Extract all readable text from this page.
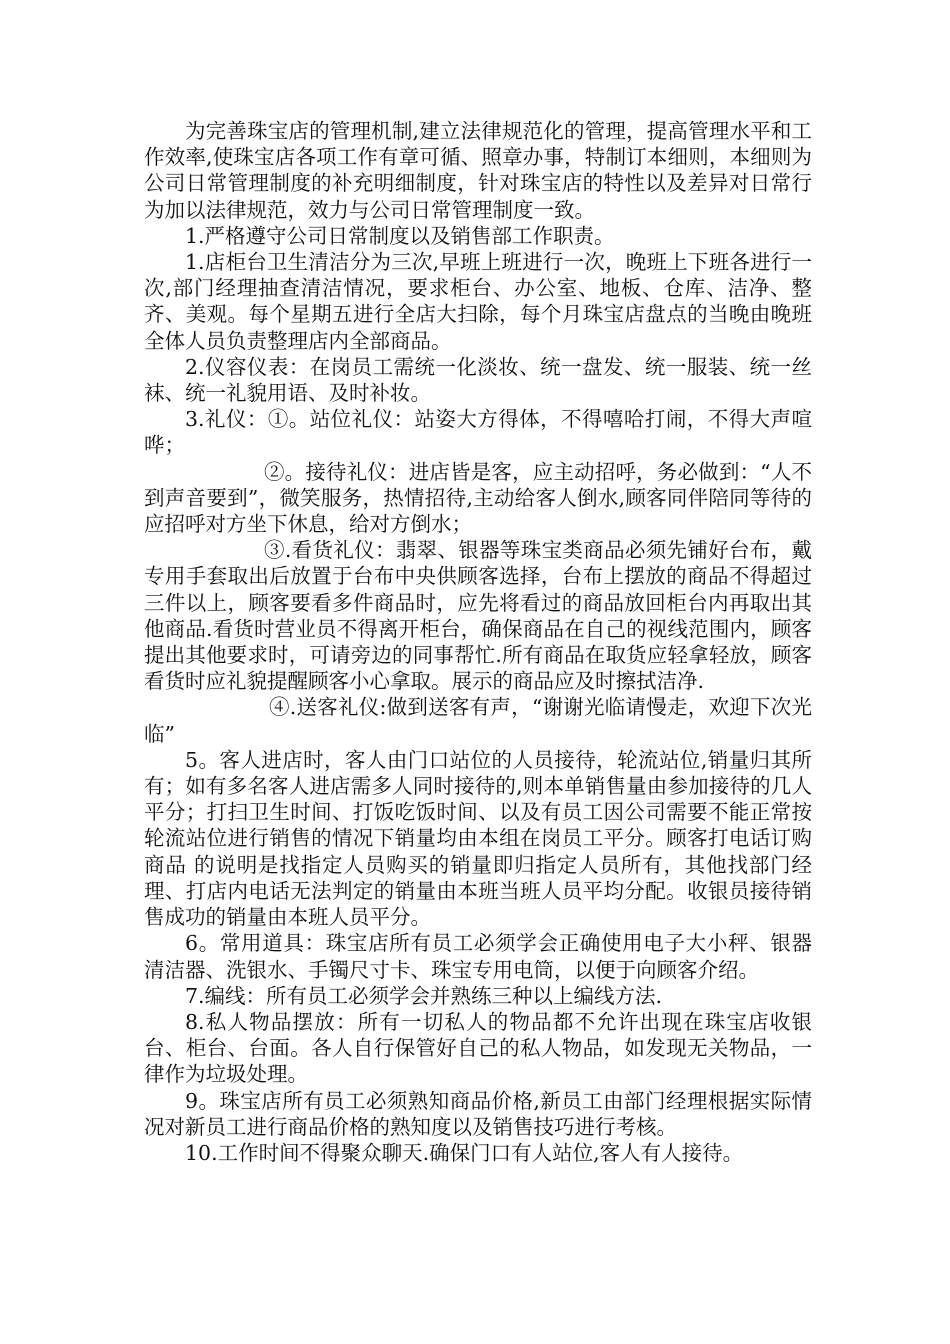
为完善珠宝店的管理机制,建立法律规范化的管理，提高管理水平和工作效率,使珠宝店各项工作有章可循、照章办事，特制订本细则，本细则为公司日常管理制度的补充明细制度，针对珠宝店的特性以及差异对日常行为加以法律规范，效力与公司日常管理制度一致。

1.严格遵守公司日常制度以及销售部工作职责。

1.店柜台卫生清洁分为三次,早班上班进行一次，晚班上下班各进行一次,部门经理抽查清洁情况，要求柜台、办公室、地板、仓库、洁净、整齐、美观。每个星期五进行全店大扫除，每个月珠宝店盘点的当晚由晚班全体人员负责整理店内全部商品。

2.仪容仪表：在岗员工需统一化淡妆、统一盘发、统一服装、统一丝袜、统一礼貌用语、及时补妆。

3.礼仪：①。站位礼仪：站姿大方得体，不得嘻哈打闹，不得大声喧哗；

②。接待礼仪：进店皆是客，应主动招呼，务必做到：“人不到声音要到”，微笑服务，热情招待,主动给客人倒水,顾客同伴陪同等待的应招呼对方坐下休息，给对方倒水；

③.看货礼仪：翡翠、银器等珠宝类商品必须先铺好台布，戴专用手套取出后放置于台布中央供顾客选择，台布上摆放的商品不得超过三件以上，顾客要看多件商品时，应先将看过的商品放回柜台内再取出其他商品.看货时营业员不得离开柜台，确保商品在自己的视线范围内，顾客提出其他要求时，可请旁边的同事帮忙.所有商品在取货应轻拿轻放，顾客看货时应礼貌提醒顾客小心拿取。展示的商品应及时擦拭洁净.

④.送客礼仪:做到送客有声，“谢谢光临请慢走，欢迎下次光临”

5。客人进店时，客人由门口站位的人员接待，轮流站位,销量归其所有；如有多名客人进店需多人同时接待的,则本单销售量由参加接待的几人平分；打扫卫生时间、打饭吃饭时间、以及有员工因公司需要不能正常按轮流站位进行销售的情况下销量均由本组在岗员工平分。顾客打电话订购商品 的说明是找指定人员购买的销量即归指定人员所有，其他找部门经理、打店内电话无法判定的销量由本班当班人员平均分配。收银员接待销售成功的销量由本班人员平分。

6。常用道具：珠宝店所有员工必须学会正确使用电子大小秤、银器清洁器、洗银水、手镯尺寸卡、珠宝专用电筒，以便于向顾客介绍。

7.编线：所有员工必须学会并熟练三种以上编线方法.

8.私人物品摆放：所有一切私人的物品都不允许出现在珠宝店收银台、柜台、台面。各人自行保管好自己的私人物品，如发现无关物品，一律作为垃圾处理。

9。珠宝店所有员工必须熟知商品价格,新员工由部门经理根据实际情况对新员工进行商品价格的熟知度以及销售技巧进行考核。

10.工作时间不得聚众聊天.确保门口有人站位,客人有人接待。
